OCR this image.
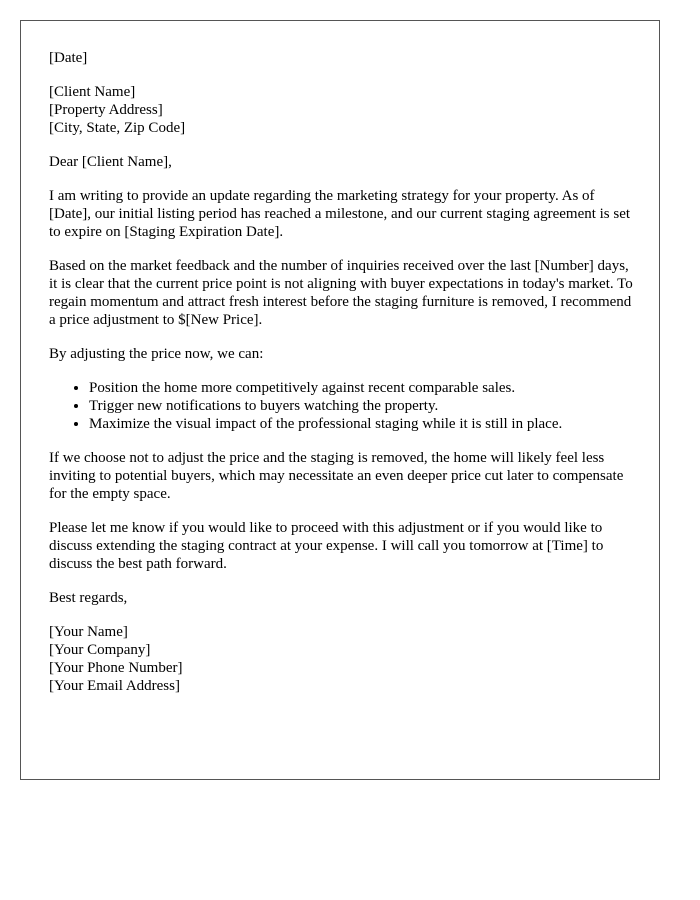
[Date]
[Client Name]
[Property Address]
[City, State, Zip Code]

Dear [Client Name],

I am writing to provide an update regarding the marketing strategy for your property. As of [Date], our initial listing period has reached a milestone, and our current staging agreement is set to expire on [Staging Expiration Date].

Based on the market feedback and the number of inquiries received over the last [Number] days, it is clear that the current price point is not aligning with buyer expectations in today's market. To regain momentum and attract fresh interest before the staging furniture is removed, I recommend a price adjustment to $[New Price].

By adjusting the price now, we can:

• Position the home more competitively against recent comparable sales.
• Trigger new notifications to buyers watching the property.
• Maximize the visual impact of the professional staging while it is still in place.

If we choose not to adjust the price and the staging is removed, the home will likely feel less inviting to potential buyers, which may necessitate an even deeper price cut later to compensate for the empty space.

Please let me know if you would like to proceed with this adjustment or if you would like to discuss extending the staging contract at your expense. I will call you tomorrow at [Time] to discuss the best path forward.

Best regards,

[Your Name]
[Your Company]
[Your Phone Number]
[Your Email Address]
